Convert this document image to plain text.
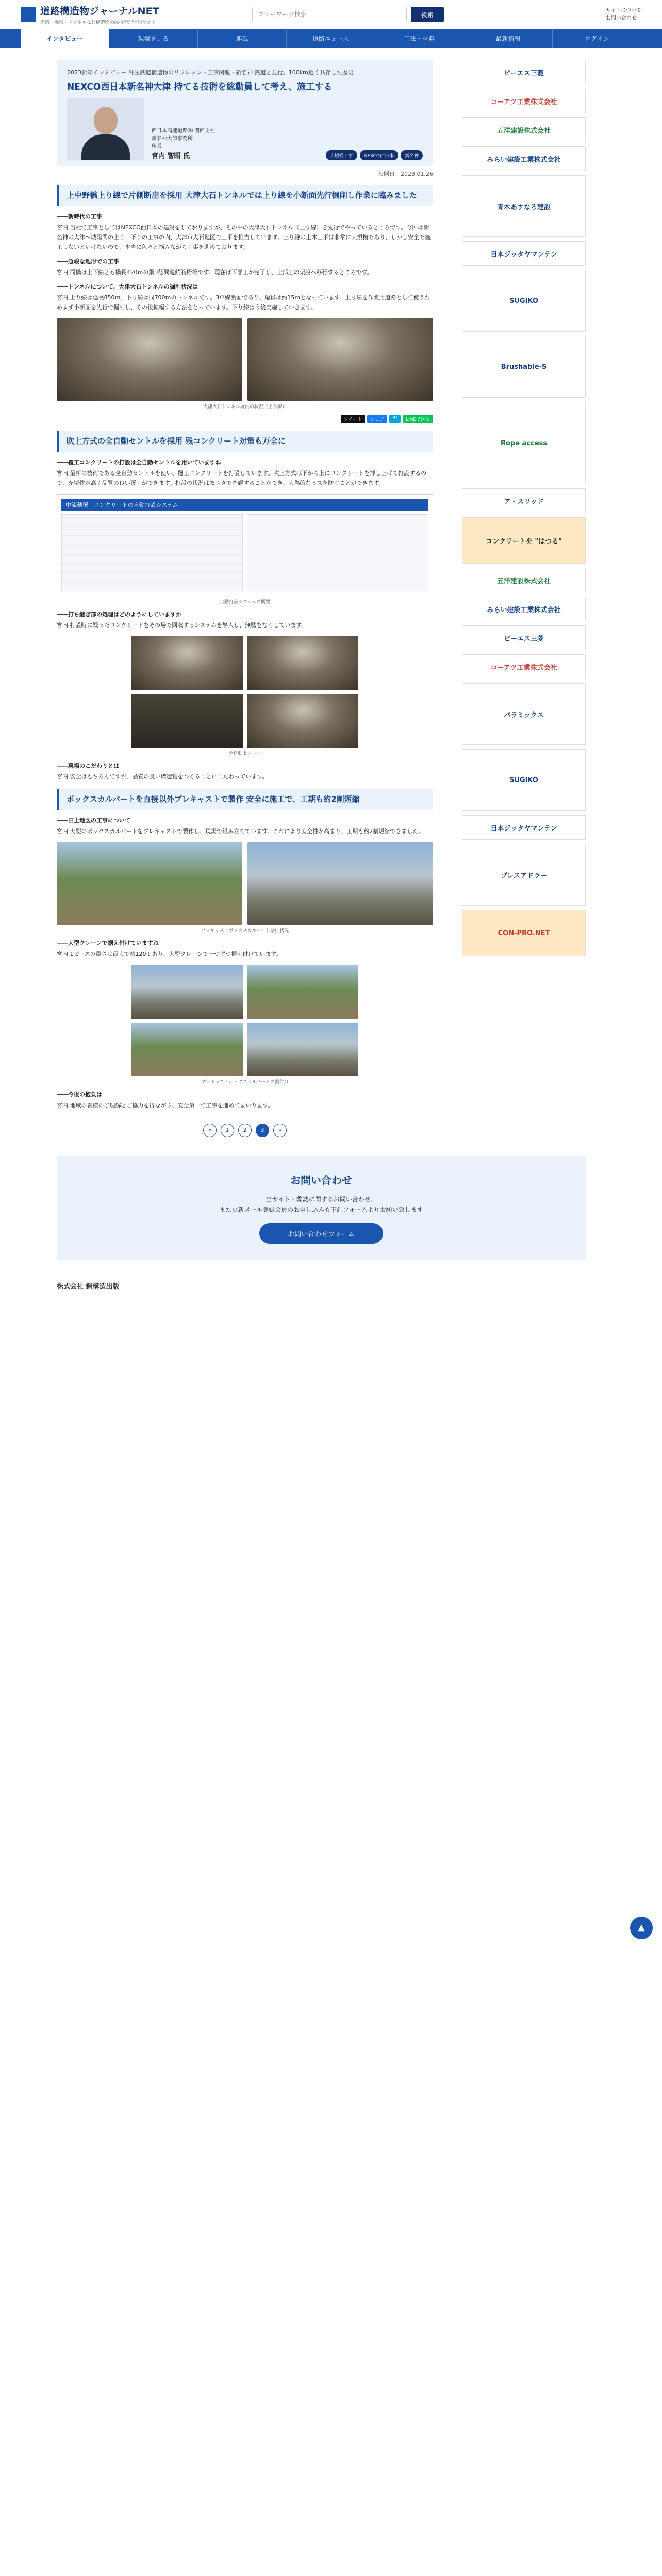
道路構造物ジャーナルNET
道路・橋梁・トンネルなど構造物の維持管理情報サイト
フリーワード検索
検索
サイトについて
お問い合わせ
インタビュー	現場を見る	連載	道路ニュース	工法・材料	最新情報	ログイン
2023新年インタビュー 外圧鉄道構造物のリフレッシュ工事関連・新名神 鉄道と並行。100km近く共存した歴史
NEXCO西日本新名神大津 持てる技術を総動員して考え、施工する
西日本高速道路㈱ 関西支社
新名神大津事務所
所長
宮内 智昭 氏	大規模工事	NEXCO西日本	新名神
公開日：2023.01.26
上中野橋上り線で片側断崖を採用 大津大石トンネルでは上り線を小断面先行掘削し作業に臨みました
――新時代の工事

宮内 当社で工事としてはNEXCO西日本の建設をしておりますが、その中の大津大石トンネル（上り線）を先行でやっているところです。今回は新名神の大津〜城陽間の上り、下りの工事の内、大津市大石地区で工事を担当しています。上り線の土木工事は非常に大規模であり、しかし安全で施工しないといけないので、本当に色々と悩みながら工事を進めております。

――急峻な地形での工事

宮内 同橋は上下線とも橋長420ｍの鋼3径間連続箱桁橋です。現在は下部工が完了し、上部工の架設へ移行するところです。

――トンネルについて、大津大石トンネルの掘削状況は

宮内 上り線は延長850ｍ、下り線は同700ｍのトンネルです。3車線断面であり、幅員は約15ｍとなっています。上り線を作業用道路として使うためまず小断面を先行で掘削し、その後拡幅する方法をとっています。下り線は今後実施していきます。

大津大石トンネル坑内の状況（上り線）
ツイート	シェア	B!	LINEで送る
吹上方式の全自動セントルを採用 残コンクリート対策も万全に
――覆工コンクリートの打設は全自動セントルを用いていますね

宮内 最新の技術である全自動セントルを使い、覆工コンクリートを打設しています。吹上方式は下から上にコンクリートを押し上げて打設するので、充填性が高く品質の良い覆工ができます。打設の状況はモニタで確認することができ、人為的なミスを防ぐことができます。

中流動覆工コンクリートの自動打設システム
自動打設システムの概要
――打ち継ぎ部の処理はどのようにしていますか

宮内 打設時に残ったコンクリートをその場で回収するシステムを導入し、無駄をなくしています。

全自動セントル
――現場のこだわりとは

宮内 安全はもちろんですが、品質の良い構造物をつくることにこだわっています。

ボックスカルバートを直接以外プレキャストで製作 安全に施工で、工期も約2割短縮
――田上地区の工事について

宮内 大型のボックスカルバートをプレキャストで製作し、現場で組み立てています。これにより安全性が高まり、工期も約2割短縮できました。

プレキャストボックスカルバート据付状況
――大型クレーンで据え付けていますね

宮内 1ピースの重さは最大で約120ｔあり、大型クレーンで一つずつ据え付けています。

プレキャストボックスカルバートの据付け
――今後の抱負は

宮内 地域の皆様のご理解とご協力を得ながら、安全第一で工事を進めてまいります。

«	1	2	3	»
ピーエス三菱
コーアツ工業株式会社
五洋建設株式会社
みらい建設工業株式会社
青木あすなろ建設
日本ジッタヤマンテン
SUGIKO
Brushable-S
Rope access
ア・スリッド
コンクリートを "はつる"
五洋建設株式会社
みらい建設工業株式会社
ピーエス三菱
コーアツ工業株式会社
パラミックス
SUGIKO
日本ジッタヤマンテン
プレスアドラー
CON-PRO.NET
▲
お問い合わせ

当サイト・弊誌に関するお問い合わせ、

また更新メール登録会員のお申し込みも下記フォームよりお願い致します

お問い合わせフォーム
株式会社 鋼構造出版
